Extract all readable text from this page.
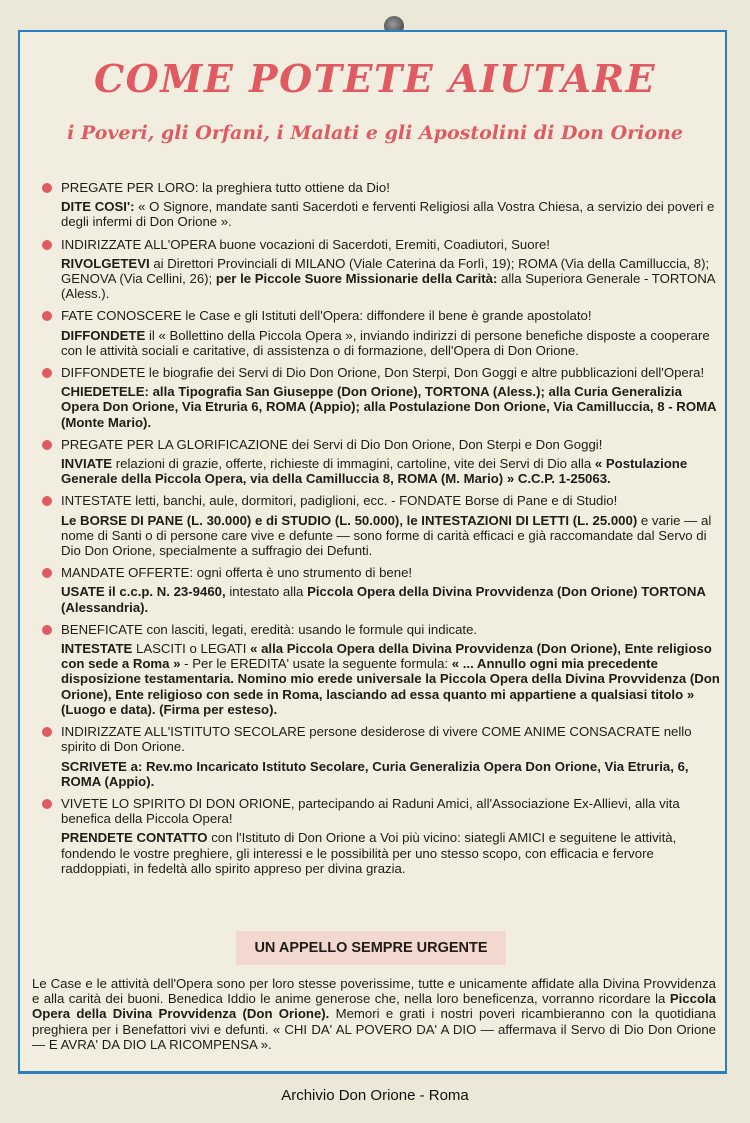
COME POTETE AIUTARE
i Poveri, gli Orfani, i Malati e gli Apostolini di Don Orione

PREGATE PER LORO: la preghiera tutto ottiene da Dio!

DITE COSI': « O Signore, mandate santi Sacerdoti e ferventi Religiosi alla Vostra Chiesa, a servizio dei poveri e degli infermi di Don Orione ».

INDIRIZZATE ALL'OPERA buone vocazioni di Sacerdoti, Eremiti, Coadiutori, Suore!

RIVOLGETEVI ai Direttori Provinciali di MILANO (Viale Caterina da Forlì, 19); ROMA (Via della Camilluccia, 8); GENOVA (Via Cellini, 26); per le Piccole Suore Missionarie della Carità: alla Superiora Generale - TORTONA (Aless.).

FATE CONOSCERE le Case e gli Istituti dell'Opera: diffondere il bene è grande apostolato!

DIFFONDETE il « Bollettino della Piccola Opera », inviando indirizzi di persone benefiche disposte a cooperare con le attività sociali e caritative, di assistenza o di formazione, dell'Opera di Don Orione.

DIFFONDETE le biografie dei Servi di Dio Don Orione, Don Sterpi, Don Goggi e altre pubblicazioni dell'Opera!

CHIEDETELE: alla Tipografia San Giuseppe (Don Orione), TORTONA (Aless.); alla Curia Generalizia Opera Don Orione, Via Etruria 6, ROMA (Appio); alla Postulazione Don Orione, Via Camilluccia, 8 - ROMA (Monte Mario).

PREGATE PER LA GLORIFICAZIONE dei Servi di Dio Don Orione, Don Sterpi e Don Goggi!

INVIATE relazioni di grazie, offerte, richieste di immagini, cartoline, vite dei Servi di Dio alla « Postulazione Generale della Piccola Opera, via della Camilluccia 8, ROMA (M. Mario) » C.C.P. 1-25063.

INTESTATE letti, banchi, aule, dormitori, padiglioni, ecc. - FONDATE Borse di Pane e di Studio!

Le BORSE DI PANE (L. 30.000) e di STUDIO (L. 50.000), le INTESTAZIONI DI LETTI (L. 25.000) e varie — al nome di Santi o di persone care vive e defunte — sono forme di carità efficaci e già raccomandate dal Servo di Dio Don Orione, specialmente a suffragio dei Defunti.

MANDATE OFFERTE: ogni offerta è uno strumento di bene!

USATE il c.c.p. N. 23-9460, intestato alla Piccola Opera della Divina Provvidenza (Don Orione) TORTONA (Alessandria).

BENEFICATE con lasciti, legati, eredità: usando le formule qui indicate.

INTESTATE LASCITI o LEGATI « alla Piccola Opera della Divina Provvidenza (Don Orione), Ente religioso con sede a Roma » - Per le EREDITA' usate la seguente formula: « ... Annullo ogni mia precedente disposizione testamentaria. Nomino mio erede universale la Piccola Opera della Divina Provvidenza (Don Orione), Ente religioso con sede in Roma, lasciando ad essa quanto mi appartiene a qualsiasi titolo » (Luogo e data). (Firma per esteso).

INDIRIZZATE ALL'ISTITUTO SECOLARE persone desiderose di vivere COME ANIME CONSACRATE nello spirito di Don Orione.

SCRIVETE a: Rev.mo Incaricato Istituto Secolare, Curia Generalizia Opera Don Orione, Via Etruria, 6, ROMA (Appio).

VIVETE LO SPIRITO DI DON ORIONE, partecipando ai Raduni Amici, all'Associazione Ex-Allievi, alla vita benefica della Piccola Opera!

PRENDETE CONTATTO con l'Istituto di Don Orione a Voi più vicino: siategli AMICI e seguitene le attività, fondendo le vostre preghiere, gli interessi e le possibilità per uno stesso scopo, con efficacia e fervore raddoppiati, in fedeltà allo spirito appreso per divina grazia.

UN APPELLO SEMPRE URGENTE

Le Case e le attività dell'Opera sono per loro stesse poverissime, tutte e unicamente affidate alla Divina Provvidenza e alla carità dei buoni. Benedica Iddio le anime generose che, nella loro beneficenza, vorranno ricordare la Piccola Opera della Divina Provvidenza (Don Orione). Memori e grati i nostri poveri ricambieranno con la quotidiana preghiera per i Benefattori vivi e defunti. « CHI DA' AL POVERO DA' A DIO — affermava il Servo di Dio Don Orione — E AVRA' DA DIO LA RICOMPENSA ».

Archivio Don Orione - Roma
